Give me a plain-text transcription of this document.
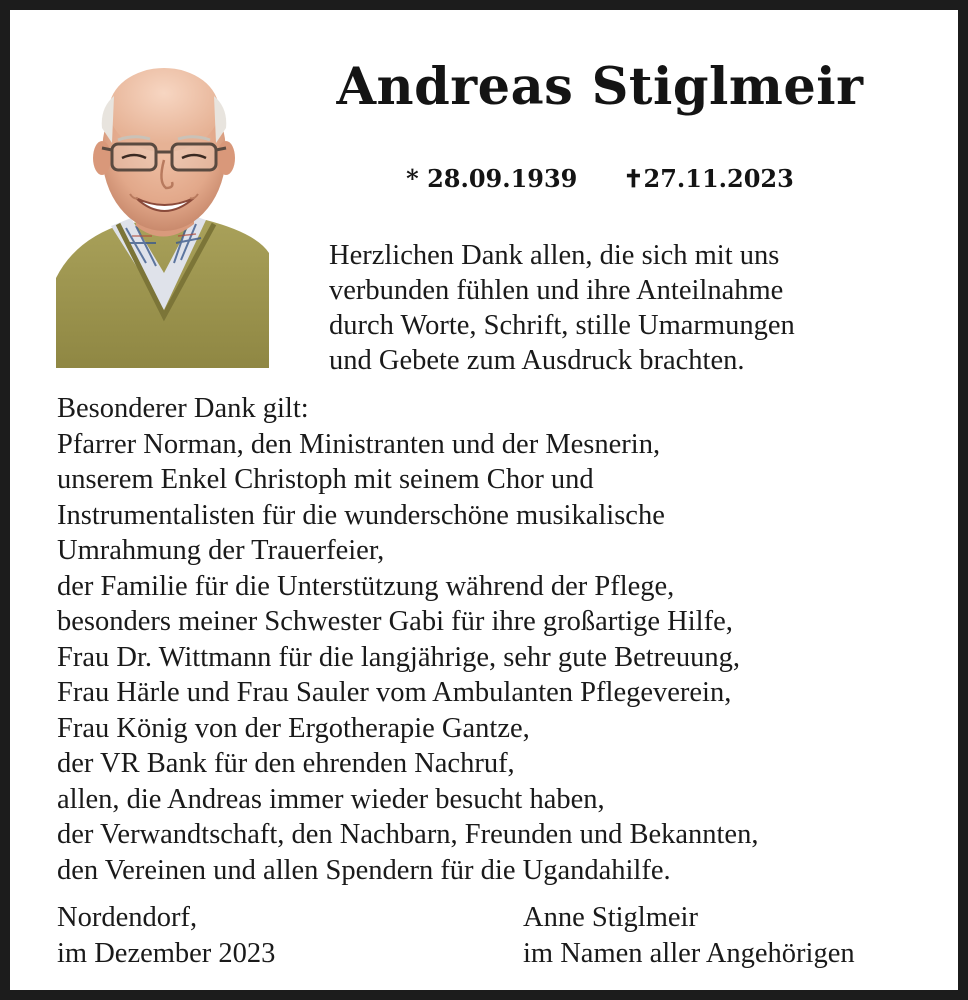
Andreas Stiglmeir
* 28.09.1939 ✝27.11.2023
Herzlichen Dank allen, die sich mit uns
verbunden fühlen und ihre Anteilnahme
durch Worte, Schrift, stille Umarmungen
und Gebete zum Ausdruck brachten.
Besonderer Dank gilt:
Pfarrer Norman, den Ministranten und der Mesnerin,
unserem Enkel Christoph mit seinem Chor und
Instrumentalisten für die wunderschöne musikalische
Umrahmung der Trauerfeier,
der Familie für die Unterstützung während der Pflege,
besonders meiner Schwester Gabi für ihre großartige Hilfe,
Frau Dr. Wittmann für die langjährige, sehr gute Betreuung,
Frau Härle und Frau Sauler vom Ambulanten Pflegeverein,
Frau König von der Ergotherapie Gantze,
der VR Bank für den ehrenden Nachruf,
allen, die Andreas immer wieder besucht haben,
der Verwandtschaft, den Nachbarn, Freunden und Bekannten,
den Vereinen und allen Spendern für die Ugandahilfe.
Nordendorf,
im Dezember 2023
Anne Stiglmeir
im Namen aller Angehörigen
